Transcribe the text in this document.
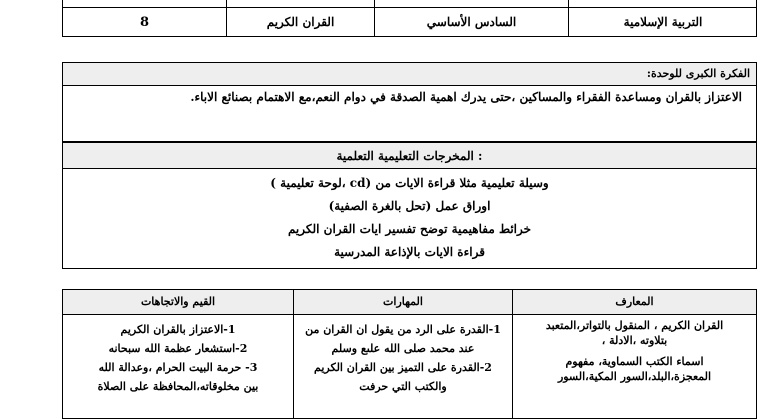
التربية الإسلامية
السادس الأساسي
القران الكريم
8
الفكرة الكبرى للوحدة:
الاعتزاز بالقران ومساعدة الفقراء والمساكين ،حتى يدرك اهمية الصدقة في دوام النعم،مع الاهتمام بصنائع الاباء.
المخرجات التعليمية التعلمية :
وسيلة تعليمية مثلا قراءة الايات من (cd ،لوحة تعليمية )
اوراق عمل (تحل بالغرة الصفية)
خرائط مفاهيمية توضح تفسير ايات القران الكريم
قراءة الايات بالإذاعة المدرسية
المعارف
المهارات
القيم والاتجاهات
القران الكريم ، المنقول بالتواتر،المتعبد
بتلاوته ،الادلة ،
اسماء الكتب السماوية، مفهوم
المعجزة،البلد،السور المكية،السور
1-القدرة على الرد من يقول ان القران من
عند محمد صلى الله علىع وسلم
2-القدرة على التميز بين القران الكريم
والكتب التي حرفت
1-الاعتزاز بالقران الكريم
2-استشعار عظمة الله سبحانه
3- حرمة البيت الحرام ،وعدالة الله
بين مخلوقاته،المحافظة على الصلاة
